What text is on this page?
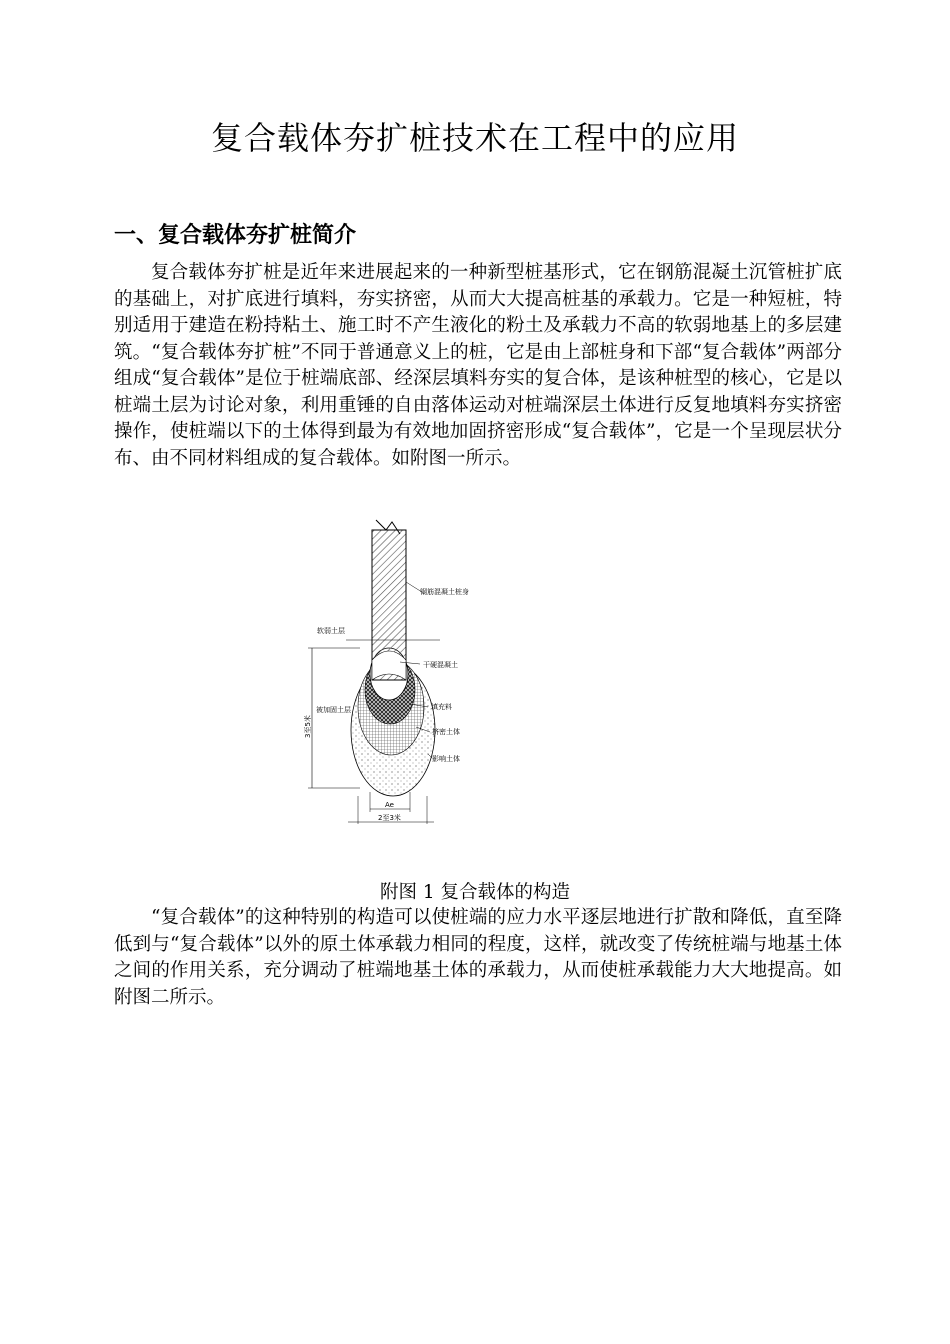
复合载体夯扩桩技术在工程中的应用
一、复合载体夯扩桩简介

复合载体夯扩桩是近年来进展起来的一种新型桩基形式，它在钢筋混凝土沉管桩扩底的基础上，对扩底进行填料，夯实挤密，从而大大提高桩基的承载力。它是一种短桩，特别适用于建造在粉持粘土、施工时不产生液化的粉土及承载力不高的软弱地基上的多层建筑。“复合载体夯扩桩”不同于普通意义上的桩，它是由上部桩身和下部“复合载体”两部分组成“复合载体”是位于桩端底部、经深层填料夯实的复合体，是该种桩型的核心，它是以桩端土层为讨论对象，利用重锤的自由落体运动对桩端深层土体进行反复地填料夯实挤密操作，使桩端以下的土体得到最为有效地加固挤密形成“复合载体”，它是一个呈现层状分布、由不同材料组成的复合载体。如附图一所示。

钢筋混凝土桩身
软弱土层
干硬混凝土
被加固土层	填充料
挤密土体
影响土体
3至5米
Ae
2至3米
附图 1 复合载体的构造

“复合载体”的这种特别的构造可以使桩端的应力水平逐层地进行扩散和降低，直至降低到与“复合载体”以外的原土体承载力相同的程度，这样，就改变了传统桩端与地基土体之间的作用关系，充分调动了桩端地基土体的承载力，从而使桩承载能力大大地提高。如附图二所示。
